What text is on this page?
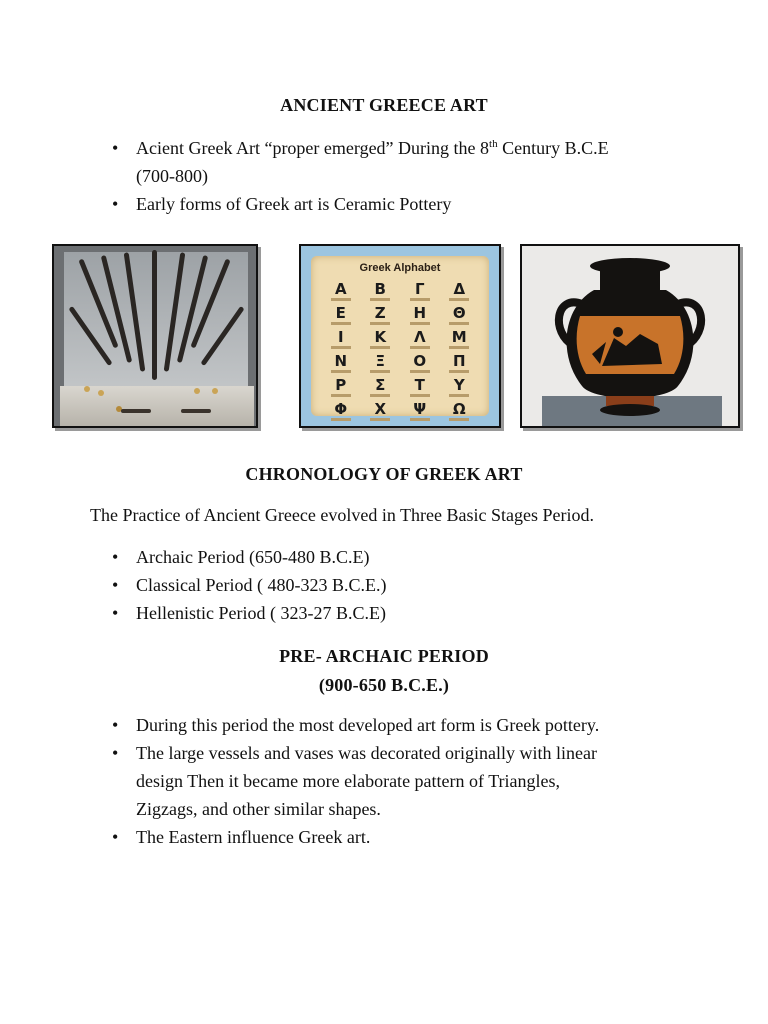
ANCIENT GREECE ART
• Acient Greek Art “proper emerged” During the 8th Century B.C.E
(700-800)
• Early forms of Greek art is Ceramic Pottery
Greek Alphabet
Α	Β	Γ	Δ
Ε	Ζ	Η	Θ
Ι	Κ	Λ	Μ
Ν	Ξ	Ο	Π
Ρ	Σ	Τ	Υ
Φ	Χ	Ψ	Ω
CHRONOLOGY OF GREEK ART
The Practice of Ancient Greece evolved in Three Basic Stages Period.
• Archaic Period (650-480 B.C.E)
• Classical Period ( 480-323 B.C.E.)
• Hellenistic Period ( 323-27 B.C.E)
PRE- ARCHAIC PERIOD
(900-650 B.C.E.)
• During this period the most developed art form is Greek pottery.
• The large vessels and vases was decorated originally with linear
design Then it became more elaborate pattern of Triangles,
Zigzags, and other similar shapes.
• The Eastern influence Greek art.
